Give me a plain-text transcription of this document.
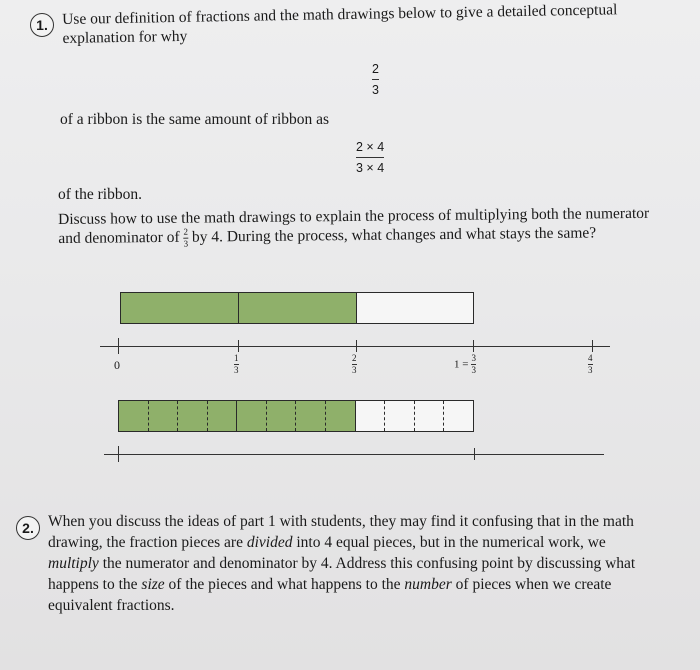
1. Use our definition of fractions and the math drawings below to give a detailed conceptual
explanation for why
2
3
of a ribbon is the same amount of ribbon as
2 × 4
3 × 4
of the ribbon.
Discuss how to use the math drawings to explain the process of multiplying both the numerator
and denominator of $\frac{2}{3}$ by 4. During the process, what changes and what stays the same?
0	$\frac{1}{3}$	$\frac{2}{3}$	$1 = \frac{3}{3}$	$\frac{4}{3}$
2. When you discuss the ideas of part 1 with students, they may find it confusing that in the math
drawing, the fraction pieces are divided into 4 equal pieces, but in the numerical work, we
multiply the numerator and denominator by 4. Address this confusing point by discussing what
happens to the size of the pieces and what happens to the number of pieces when we create
equivalent fractions.
